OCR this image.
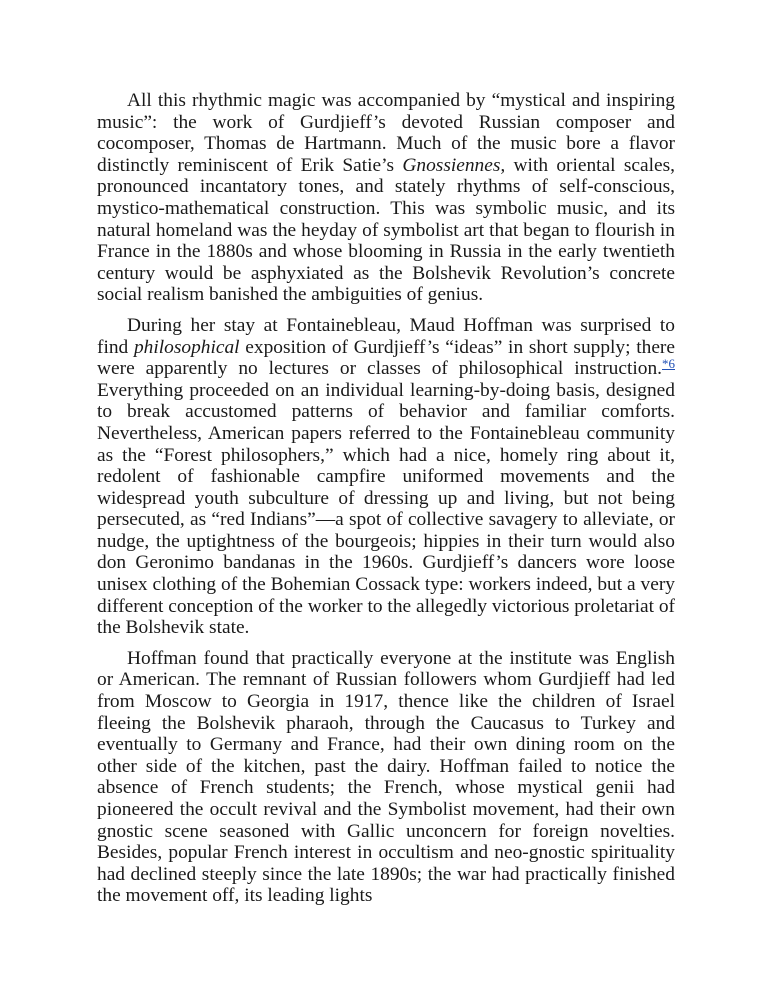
All this rhythmic magic was accompanied by “mystical and inspiring music”: the work of Gurdjieff’s devoted Russian composer and cocomposer, Thomas de Hartmann. Much of the music bore a flavor distinctly reminiscent of Erik Satie’s Gnossiennes, with oriental scales, pronounced incantatory tones, and stately rhythms of self-conscious, mystico-mathematical construction. This was symbolic music, and its natural homeland was the heyday of symbolist art that began to flourish in France in the 1880s and whose blooming in Russia in the early twentieth century would be asphyxiated as the Bolshevik Revolution’s concrete social realism banished the ambiguities of genius.

During her stay at Fontainebleau, Maud Hoffman was surprised to find philosophical exposition of Gurdjieff’s “ideas” in short supply; there were apparently no lectures or classes of philosophical instruction.$^{*6}$ Everything proceeded on an individual learning-by-doing basis, designed to break accustomed patterns of behavior and familiar comforts. Nevertheless, American papers referred to the Fontainebleau community as the “Forest philosophers,” which had a nice, homely ring about it, redolent of fashionable campfire uniformed movements and the widespread youth subculture of dressing up and living, but not being persecuted, as “red Indians”—a spot of collective savagery to alleviate, or nudge, the uptightness of the bourgeois; hippies in their turn would also don Geronimo bandanas in the 1960s. Gurdjieff’s dancers wore loose unisex clothing of the Bohemian Cossack type: workers indeed, but a very different conception of the worker to the allegedly victorious proletariat of the Bolshevik state.

Hoffman found that practically everyone at the institute was English or American. The remnant of Russian followers whom Gurdjieff had led from Moscow to Georgia in 1917, thence like the children of Israel fleeing the Bolshevik pharaoh, through the Caucasus to Turkey and eventually to Germany and France, had their own dining room on the other side of the kitchen, past the dairy. Hoffman failed to notice the absence of French students; the French, whose mystical genii had pioneered the occult revival and the Symbolist movement, had their own gnostic scene seasoned with Gallic unconcern for foreign novelties. Besides, popular French interest in occultism and neo-gnostic spirituality had declined steeply since the late 1890s; the war had practically finished the movement off, its leading lights
